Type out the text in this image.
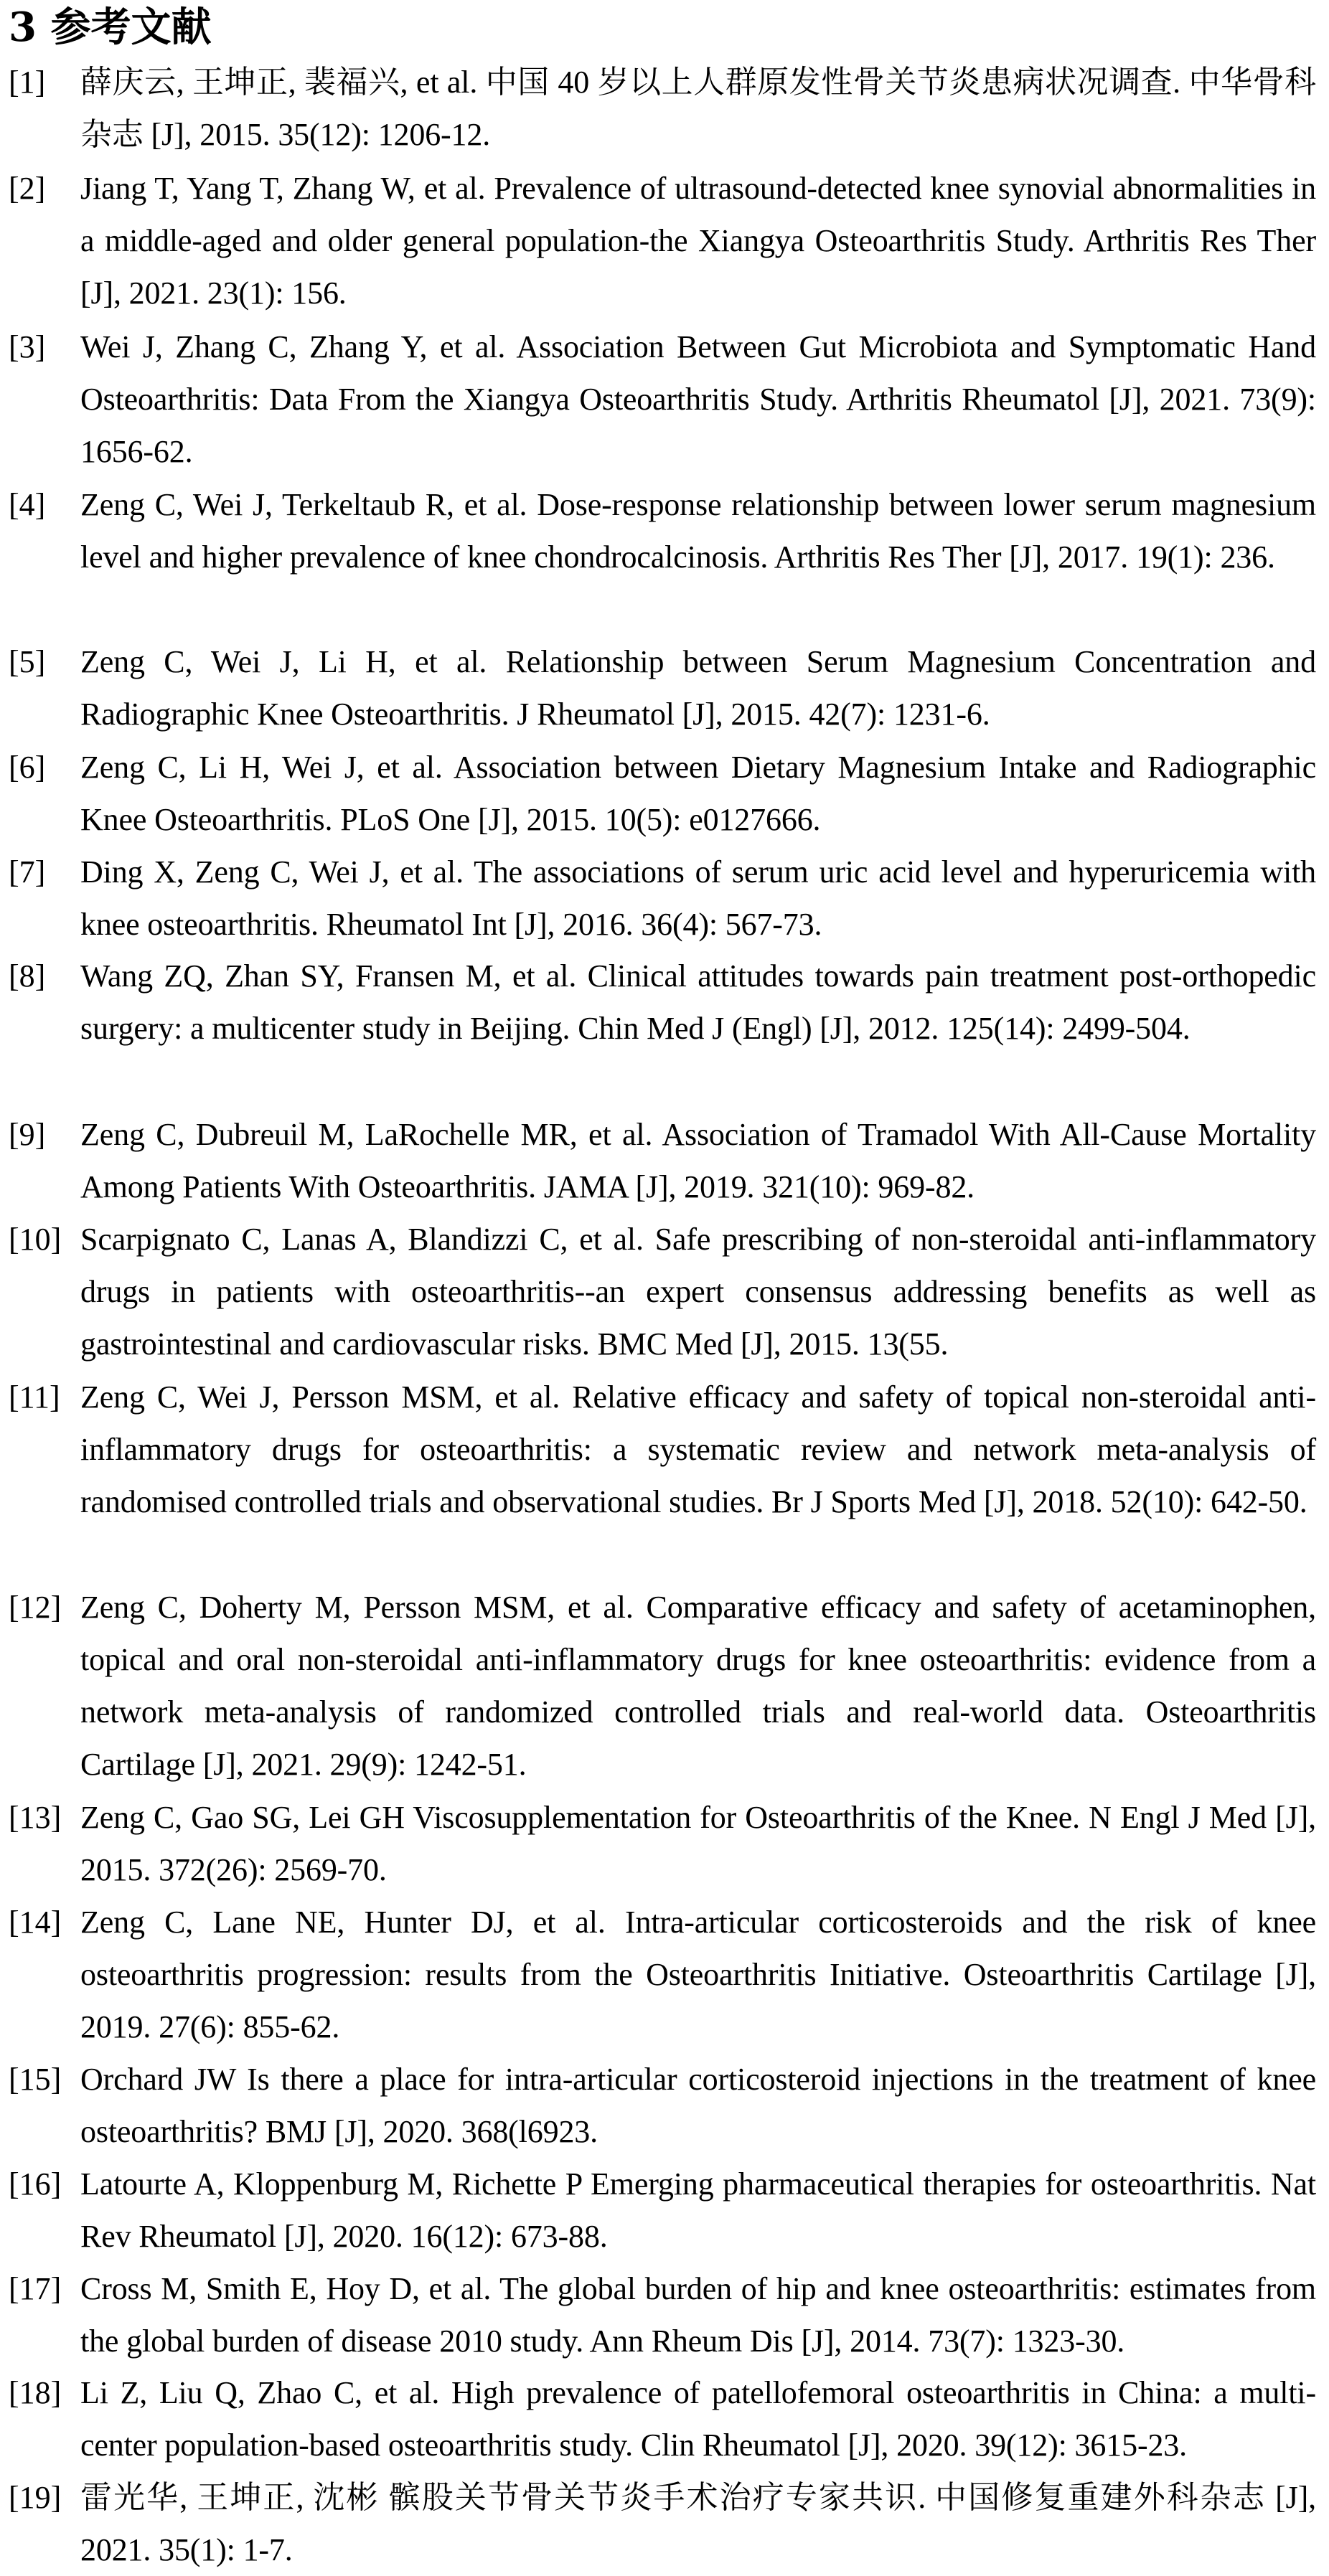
3 参考文献
[1] 薛庆云, 王坤正, 裴福兴, et al. 中国 40 岁以上人群原发性骨关节炎患病状况调查. 中华骨科杂志 [J], 2015. 35(12): 1206-12.
[2] Jiang T, Yang T, Zhang W, et al. Prevalence of ultrasound-detected knee synovial abnormalities in a middle-aged and older general population-the Xiangya Osteoarthritis Study. Arthritis Res Ther [J], 2021. 23(1): 156.
[3] Wei J, Zhang C, Zhang Y, et al. Association Between Gut Microbiota and Symptomatic Hand Osteoarthritis: Data From the Xiangya Osteoarthritis Study. Arthritis Rheumatol [J], 2021. 73(9): 1656-62.
[4] Zeng C, Wei J, Terkeltaub R, et al. Dose-response relationship between lower serum magnesium level and higher prevalence of knee chondrocalcinosis. Arthritis Res Ther [J], 2017. 19(1): 236.
[5] Zeng C, Wei J, Li H, et al. Relationship between Serum Magnesium Concentration and Radiographic Knee Osteoarthritis. J Rheumatol [J], 2015. 42(7): 1231-6.
[6] Zeng C, Li H, Wei J, et al. Association between Dietary Magnesium Intake and Radiographic Knee Osteoarthritis. PLoS One [J], 2015. 10(5): e0127666.
[7] Ding X, Zeng C, Wei J, et al. The associations of serum uric acid level and hyperuricemia with knee osteoarthritis. Rheumatol Int [J], 2016. 36(4): 567-73.
[8] Wang ZQ, Zhan SY, Fransen M, et al. Clinical attitudes towards pain treatment post-orthopedic surgery: a multicenter study in Beijing. Chin Med J (Engl) [J], 2012. 125(14): 2499-504.
[9] Zeng C, Dubreuil M, LaRochelle MR, et al. Association of Tramadol With All-Cause Mortality Among Patients With Osteoarthritis. JAMA [J], 2019. 321(10): 969-82.
[10] Scarpignato C, Lanas A, Blandizzi C, et al. Safe prescribing of non-steroidal anti-inflammatory drugs in patients with osteoarthritis--an expert consensus addressing benefits as well as gastrointestinal and cardiovascular risks. BMC Med [J], 2015. 13(55.
[11] Zeng C, Wei J, Persson MSM, et al. Relative efficacy and safety of topical non-steroidal anti-inflammatory drugs for osteoarthritis: a systematic review and network meta-analysis of randomised controlled trials and observational studies. Br J Sports Med [J], 2018. 52(10): 642-50.
[12] Zeng C, Doherty M, Persson MSM, et al. Comparative efficacy and safety of acetaminophen, topical and oral non-steroidal anti-inflammatory drugs for knee osteoarthritis: evidence from a network meta-analysis of randomized controlled trials and real-world data. Osteoarthritis Cartilage [J], 2021. 29(9): 1242-51.
[13] Zeng C, Gao SG, Lei GH Viscosupplementation for Osteoarthritis of the Knee. N Engl J Med [J], 2015. 372(26): 2569-70.
[14] Zeng C, Lane NE, Hunter DJ, et al. Intra-articular corticosteroids and the risk of knee osteoarthritis progression: results from the Osteoarthritis Initiative. Osteoarthritis Cartilage [J], 2019. 27(6): 855-62.
[15] Orchard JW Is there a place for intra-articular corticosteroid injections in the treatment of knee osteoarthritis? BMJ [J], 2020. 368(l6923.
[16] Latourte A, Kloppenburg M, Richette P Emerging pharmaceutical therapies for osteoarthritis. Nat Rev Rheumatol [J], 2020. 16(12): 673-88.
[17] Cross M, Smith E, Hoy D, et al. The global burden of hip and knee osteoarthritis: estimates from the global burden of disease 2010 study. Ann Rheum Dis [J], 2014. 73(7): 1323-30.
[18] Li Z, Liu Q, Zhao C, et al. High prevalence of patellofemoral osteoarthritis in China: a multi-center population-based osteoarthritis study. Clin Rheumatol [J], 2020. 39(12): 3615-23.
[19] 雷光华, 王坤正, 沈彬 髌股关节骨关节炎手术治疗专家共识. 中国修复重建外科杂志 [J], 2021. 35(1): 1-7.
